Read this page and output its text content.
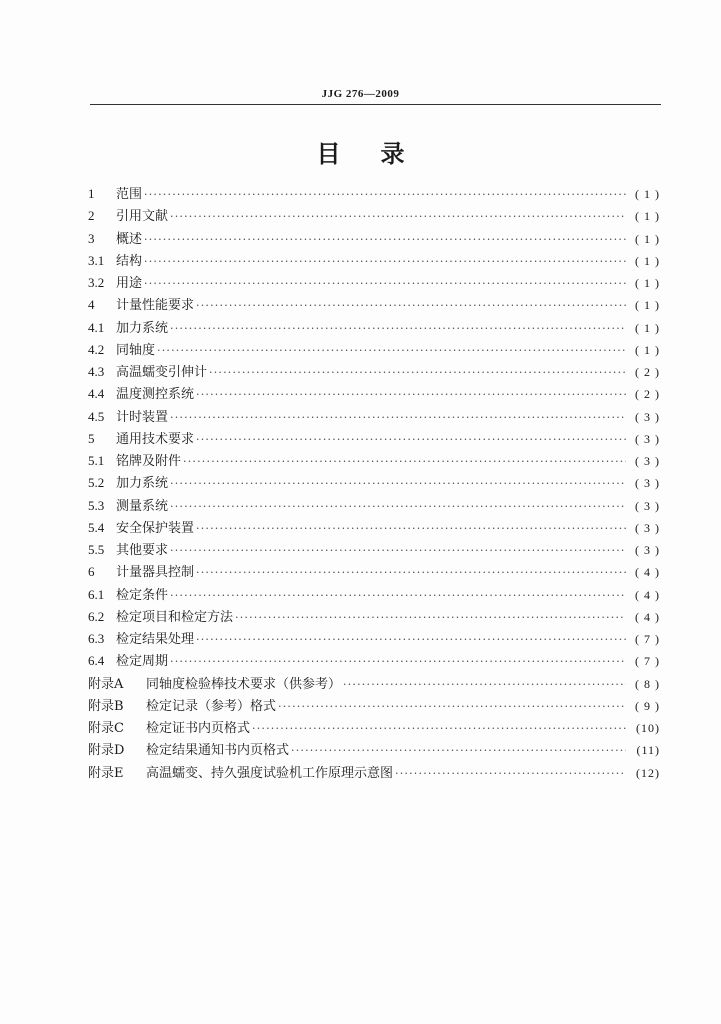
JJG 276—2009
目录
1 范围 ·····	( 1 )
2 引用文献 ·····	( 1 )
3 概述 ·····	( 1 )
3.1 结构 ·····	( 1 )
3.2 用途 ·····	( 1 )
4 计量性能要求 ·····	( 1 )
4.1 加力系统 ·····	( 1 )
4.2 同轴度 ·····	( 1 )
4.3 高温蠕变引伸计 ·····	( 2 )
4.4 温度测控系统 ·····	( 2 )
4.5 计时装置 ·····	( 3 )
5 通用技术要求 ·····	( 3 )
5.1 铭牌及附件 ·····	( 3 )
5.2 加力系统 ·····	( 3 )
5.3 测量系统 ·····	( 3 )
5.4 安全保护装置 ·····	( 3 )
5.5 其他要求 ·····	( 3 )
6 计量器具控制 ·····	( 4 )
6.1 检定条件 ·····	( 4 )
6.2 检定项目和检定方法 ·····	( 4 )
6.3 检定结果处理 ·····	( 7 )
6.4 检定周期 ·····	( 7 )
附录A 同轴度检验棒技术要求（供参考） ·····	( 8 )
附录B 检定记录（参考）格式 ·····	( 9 )
附录C 检定证书内页格式 ·····	(10)
附录D 检定结果通知书内页格式 ·····	(11)
附录E 高温蠕变、持久强度试验机工作原理示意图 ·····	(12)
